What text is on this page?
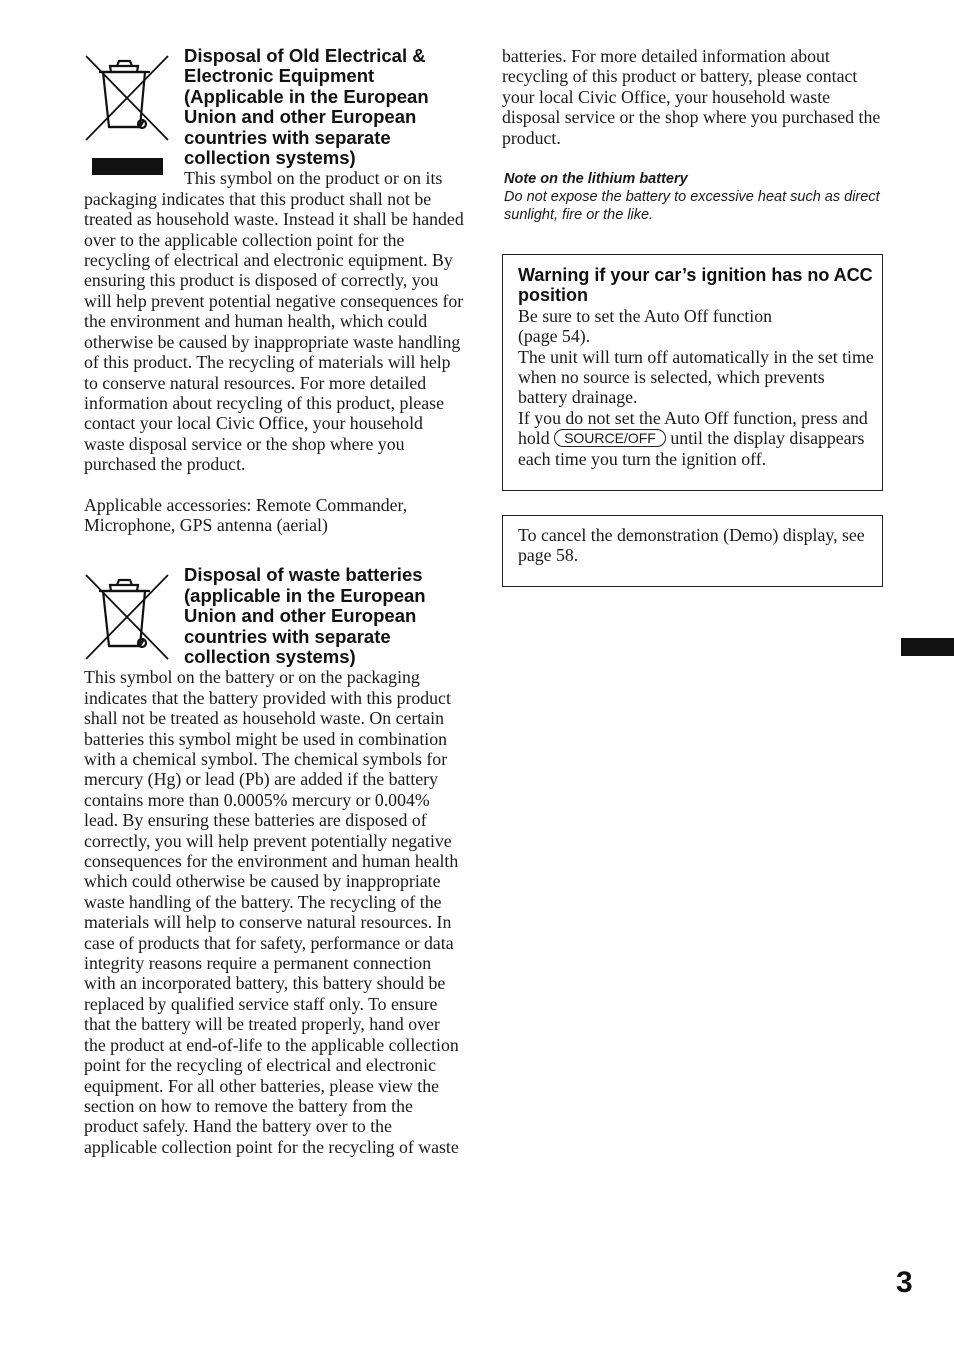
Disposal of Old Electrical & Electronic Equipment (Applicable in the European Union and other European countries with separate collection systems)

This symbol on the product or on its packaging indicates that this product shall not be treated as household waste. Instead it shall be handed over to the applicable collection point for the recycling of electrical and electronic equipment. By ensuring this product is disposed of correctly, you will help prevent potential negative consequences for the environment and human health, which could otherwise be caused by inappropriate waste handling of this product. The recycling of materials will help to conserve natural resources. For more detailed information about recycling of this product, please contact your local Civic Office, your household waste disposal service or the shop where you purchased the product.

Applicable accessories: Remote Commander, Microphone, GPS antenna (aerial)

Disposal of waste batteries (applicable in the European Union and other European countries with separate collection systems)

This symbol on the battery or on the packaging indicates that the battery provided with this product shall not be treated as household waste. On certain batteries this symbol might be used in combination with a chemical symbol. The chemical symbols for mercury (Hg) or lead (Pb) are added if the battery contains more than 0.0005% mercury or 0.004% lead. By ensuring these batteries are disposed of correctly, you will help prevent potentially negative consequences for the environment and human health which could otherwise be caused by inappropriate waste handling of the battery. The recycling of the materials will help to conserve natural resources. In case of products that for safety, performance or data integrity reasons require a permanent connection with an incorporated battery, this battery should be replaced by qualified service staff only. To ensure that the battery will be treated properly, hand over the product at end-of-life to the applicable collection point for the recycling of electrical and electronic equipment. For all other batteries, please view the section on how to remove the battery from the product safely. Hand the battery over to the applicable collection point for the recycling of waste

batteries. For more detailed information about recycling of this product or battery, please contact your local Civic Office, your household waste disposal service or the shop where you purchased the product.

Note on the lithium battery

Do not expose the battery to excessive heat such as direct sunlight, fire or the like.

Warning if your car’s ignition has no ACC position

Be sure to set the Auto Off function
(page 54).

The unit will turn off automatically in the set time when no source is selected, which prevents battery drainage.

If you do not set the Auto Off function, press and hold SOURCE/OFF until the display disappears each time you turn the ignition off.

To cancel the demonstration (Demo) display, see page 58.

3
